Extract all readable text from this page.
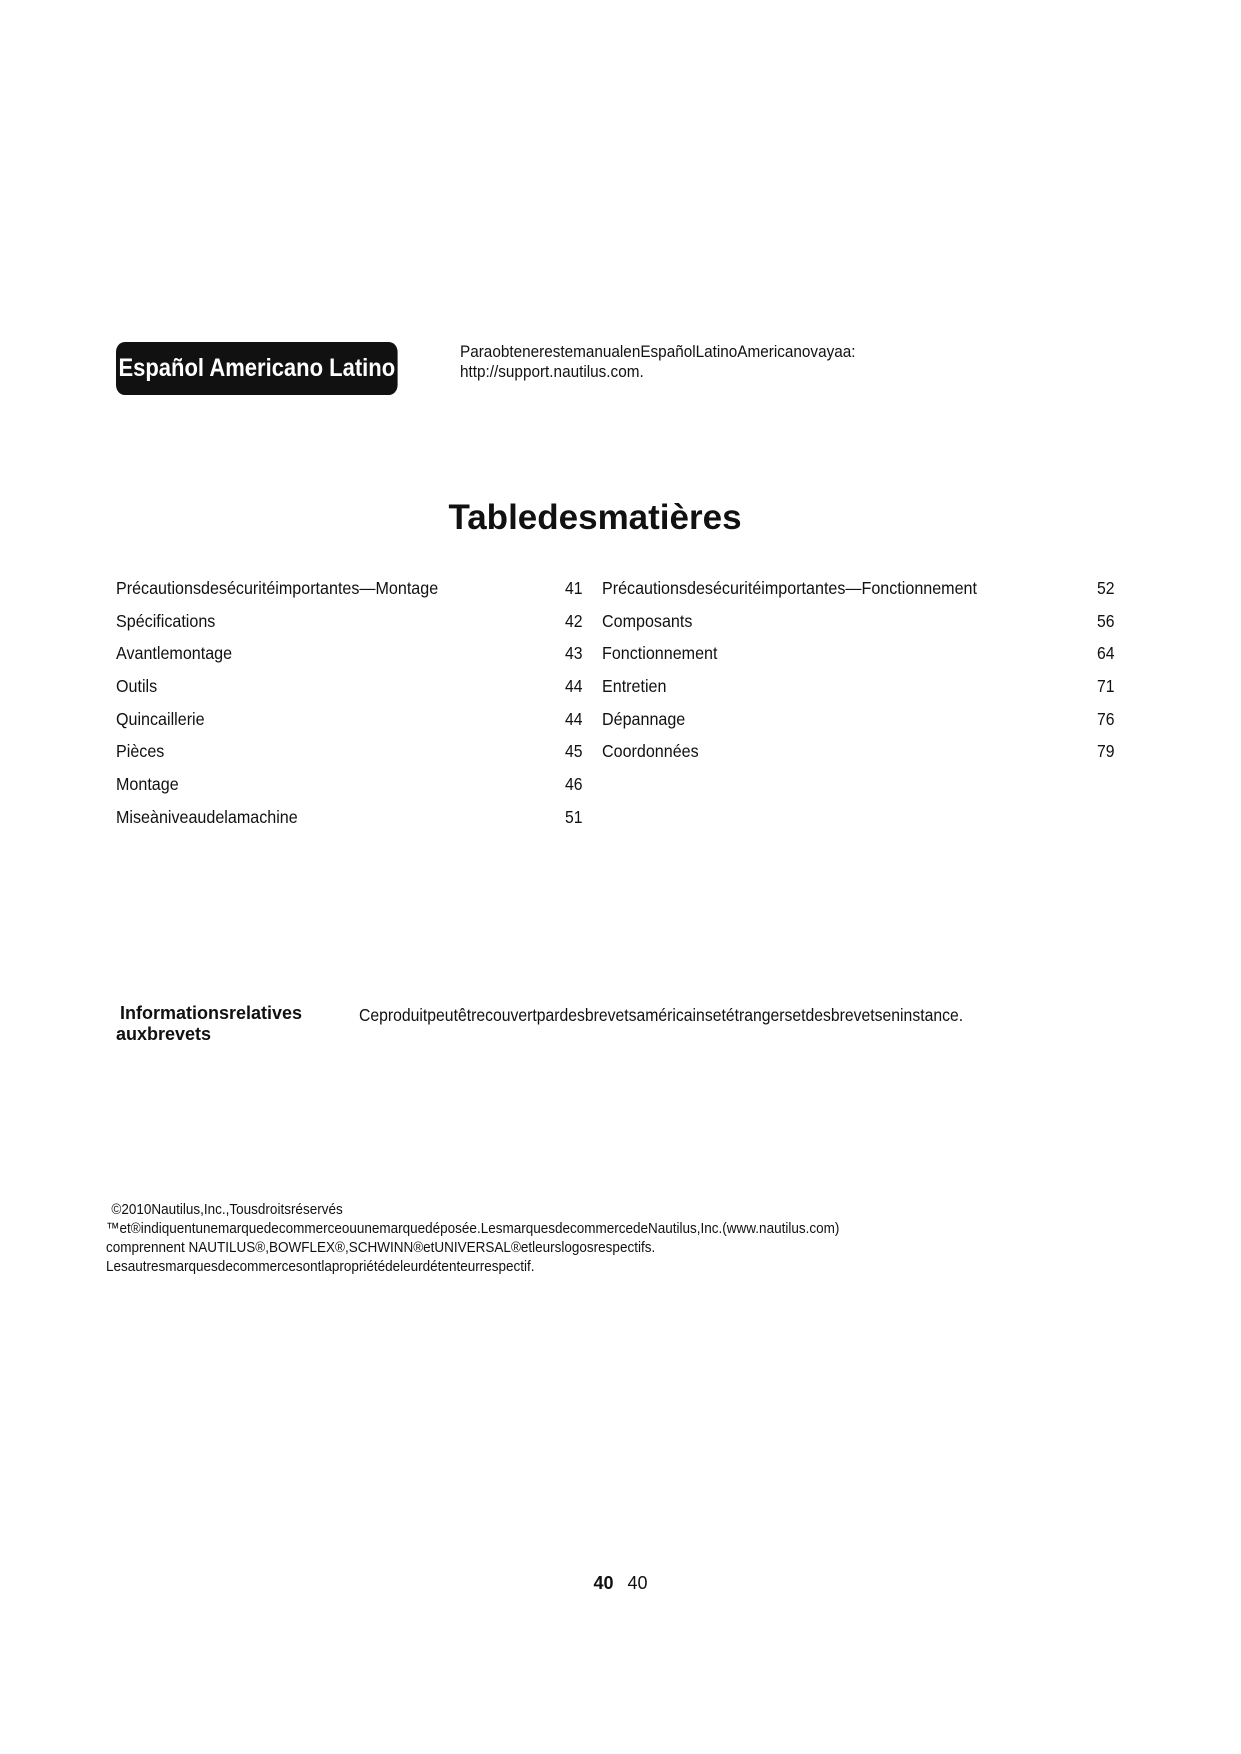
Español Americano Latino
ParaobtenerestemanualenEspañolLatinoAmericanovayaa:
http://support.nautilus.com.
Tabledesmatières
Précautionsdesécuritéimportantes—Montage	41
Spécifications	42
Avantlemontage	43
Outils	44
Quincaillerie	44
Pièces	45
Montage	46
Miseàniveaudelamachine	51
Précautionsdesécuritéimportantes—Fonctionnement	52
Composants	56
Fonctionnement	64
Entretien	71
Dépannage	76
Coordonnées	79
Informationsrelatives
auxbrevets
Ceproduitpeutêtrecouvertpardesbrevetsaméricainsetétrangersetdesbrevetseninstance.
©2010Nautilus,Inc.,Tousdroitsréservés
™et®indiquentunemarquedecommerceouunemarquedéposée.LesmarquesdecommercedeNautilus,Inc.(www.nautilus.com)
comprennent NAUTILUS®,BOWFLEX®,SCHWINN®etUNIVERSAL®etleurslogosrespectifs.
Lesautresmarquesdecommercesontlapropriétédeleurdétenteurrespectif.
40 40
